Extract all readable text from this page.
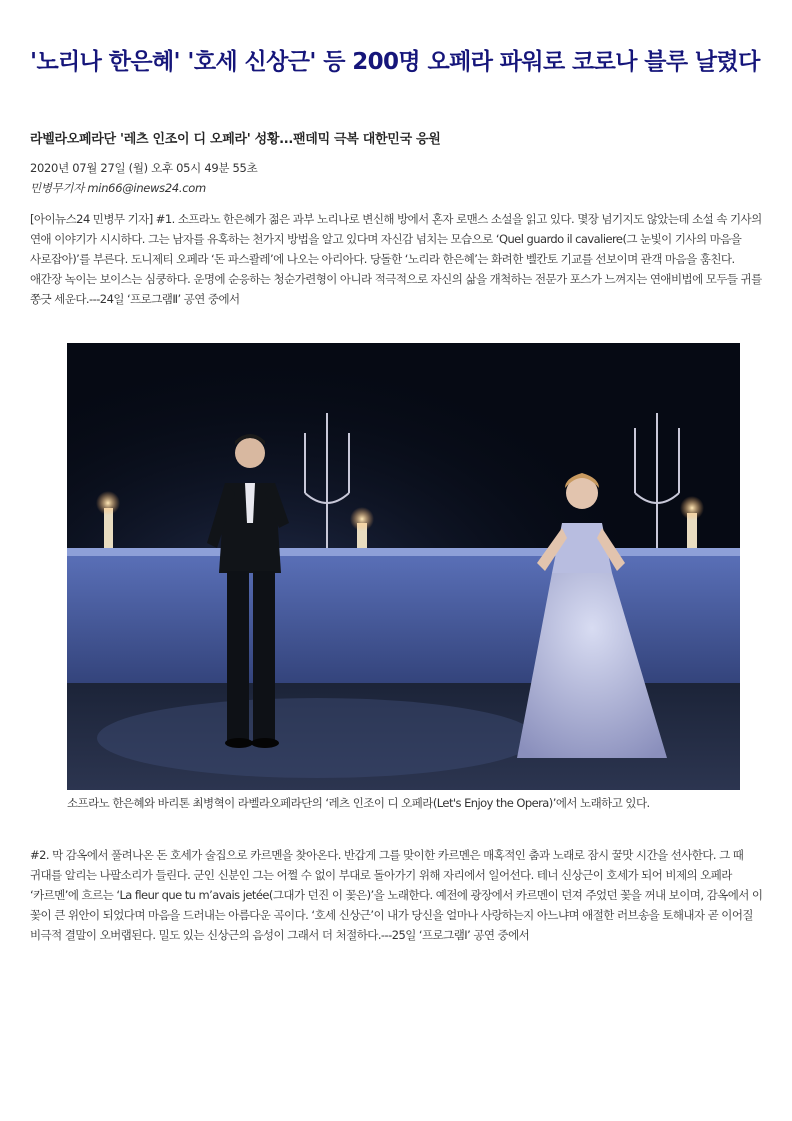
'노리나 한은혜' '호세 신상근' 등 200명 오페라 파워로 코로나 블루 날렸다
라벨라오페라단 '레츠 인조이 디 오페라' 성황...팬데믹 극복 대한민국 응원
2020년 07월 27일 (월) 오후 05시 49분 55초
민병무기자 min66@inews24.com

[아이뉴스24 민병무 기자] #1. 소프라노 한은혜가 젊은 과부 노리나로 변신해 방에서 혼자 로맨스 소설을 읽고 있다. 몇장 넘기지도 않았는데 소설 속 기사의 연애 이야기가 시시하다. 그는 남자를 유혹하는 천가지 방법을 알고 있다며 자신감 넘치는 모습으로 ‘Quel guardo il cavaliere(그 눈빛이 기사의 마음을 사로잡아)’를 부른다. 도니제티 오페라 ‘돈 파스콸레’에 나오는 아리아다. 당돌한 ‘노리라 한은혜’는 화려한 벨칸토 기교를 선보이며 관객 마음을 훔친다. 애간장 녹이는 보이스는 심쿵하다. 운명에 순응하는 청순가련형이 아니라 적극적으로 자신의 삶을 개척하는 전문가 포스가 느껴지는 연애비법에 모두들 귀를 쫑긋 세운다.---24일 ‘프로그램Ⅱ’ 공연 중에서

소프라노 한은혜와 바리톤 최병혁이 라벨라오페라단의 ‘레츠 인조이 디 오페라(Let's Enjoy the Opera)’에서 노래하고 있다.

#2. 막 감옥에서 풀려나온 돈 호세가 술집으로 카르멘을 찾아온다. 반갑게 그를 맞이한 카르멘은 매혹적인 춤과 노래로 잠시 꿀맛 시간을 선사한다. 그 때 귀대를 알리는 나팔소리가 들린다. 군인 신분인 그는 어쩔 수 없이 부대로 돌아가기 위해 자리에서 일어선다. 테너 신상근이 호세가 되어 비제의 오페라 ‘카르멘’에 흐르는 ‘La fleur que tu m’avais jetée(그대가 던진 이 꽃은)’을 노래한다. 예전에 광장에서 카르멘이 던져 주었던 꽃을 꺼내 보이며, 감옥에서 이 꽃이 큰 위안이 되었다며 마음을 드러내는 아름다운 곡이다. ‘호세 신상근’이 내가 당신을 얼마나 사랑하는지 아느냐며 애절한 러브송을 토해내자 곧 이어질 비극적 결말이 오버랩된다. 밀도 있는 신상근의 음성이 그래서 더 처절하다.---25일 ‘프로그램Ⅰ’ 공연 중에서
